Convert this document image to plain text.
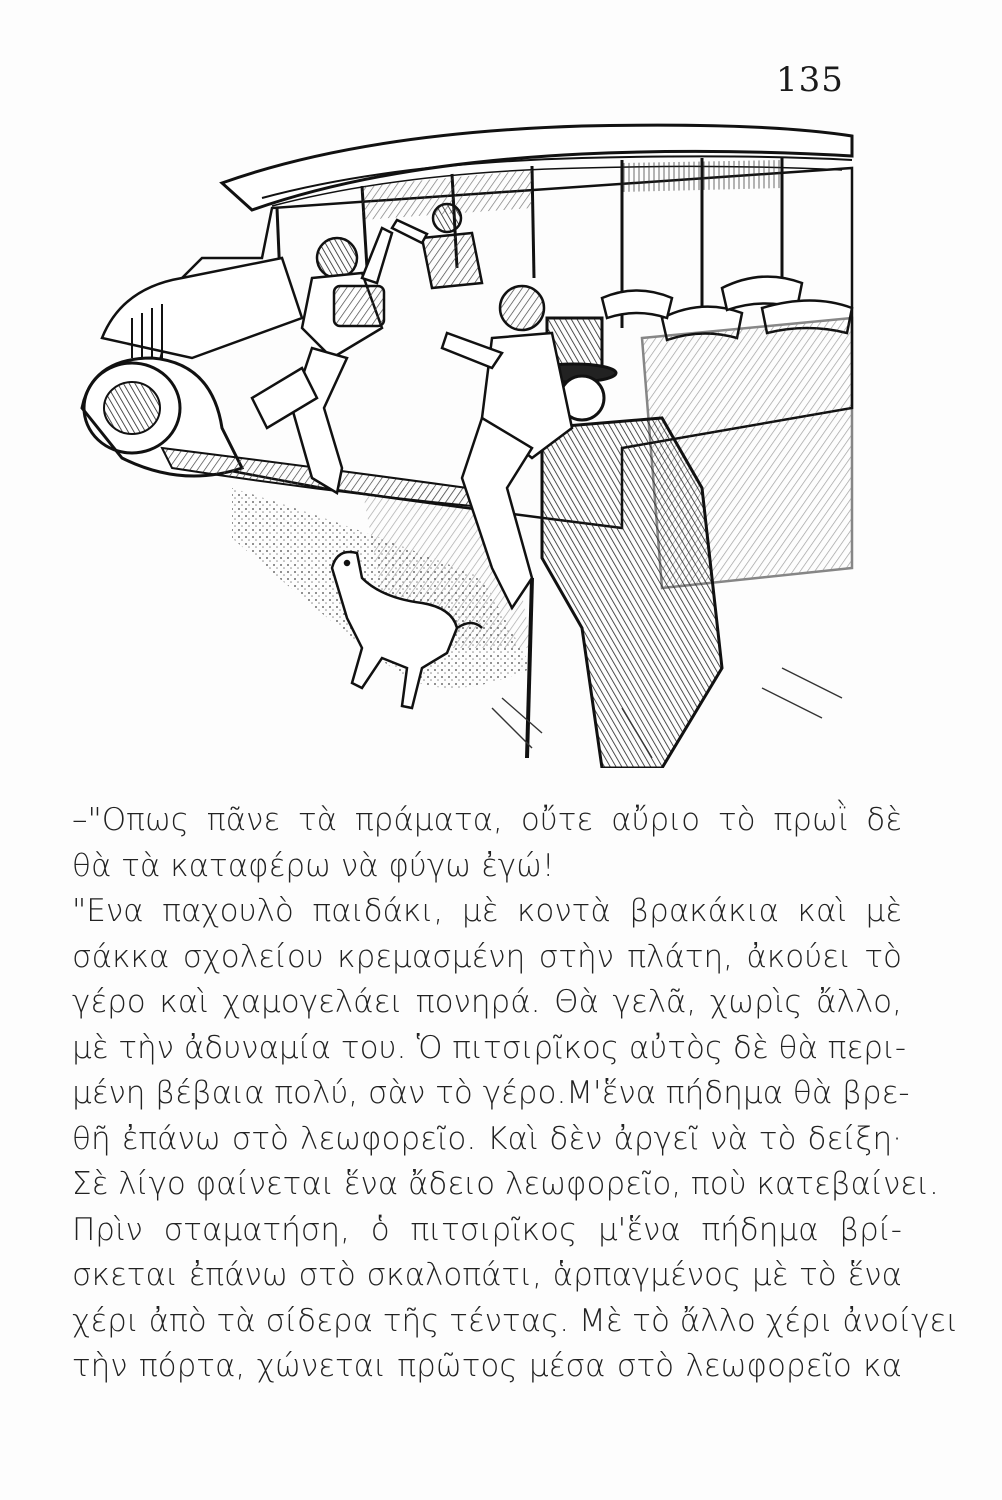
135
–"Οπως πᾶνε τὰ πράματα, οὔτε αὔριο τὸ πρωῒ δὲ
θὰ τὰ καταφέρω νὰ φύγω ἐγώ!
"Ενα παχουλὸ παιδάκι, μὲ κοντὰ βρακάκια καὶ μὲ
σάκκα σχολείου κρεμασμένη στὴν πλάτη, ἀκούει τὸ
γέρο καὶ χαμογελάει πονηρά. Θὰ γελᾶ, χωρὶς ἄλλο,
μὲ τὴν ἀδυναμία του. Ὁ πιτσιρῖκος αὐτὸς δὲ θὰ περι-
μένη βέβαια πολύ, σὰν τὸ γέρο.Μ'ἕνα πήδημα θὰ βρε-
θῆ ἐπάνω στὸ λεωφορεῖο. Καὶ δὲν ἀργεῖ νὰ τὸ δείξη·
Σὲ λίγο φαίνεται ἕνα ἄδειο λεωφορεῖο, ποὺ κατεβαίνει.
Πρὶν σταματήση, ὁ πιτσιρῖκος μ'ἕνα πήδημα βρί-
σκεται ἐπάνω στὸ σκαλοπάτι, ἁρπαγμένος μὲ τὸ ἕνα
χέρι ἀπὸ τὰ σίδερα τῆς τέντας. Μὲ τὸ ἄλλο χέρι ἀνοίγει
τὴν πόρτα, χώνεται πρῶτος μέσα στὸ λεωφορεῖο κα
